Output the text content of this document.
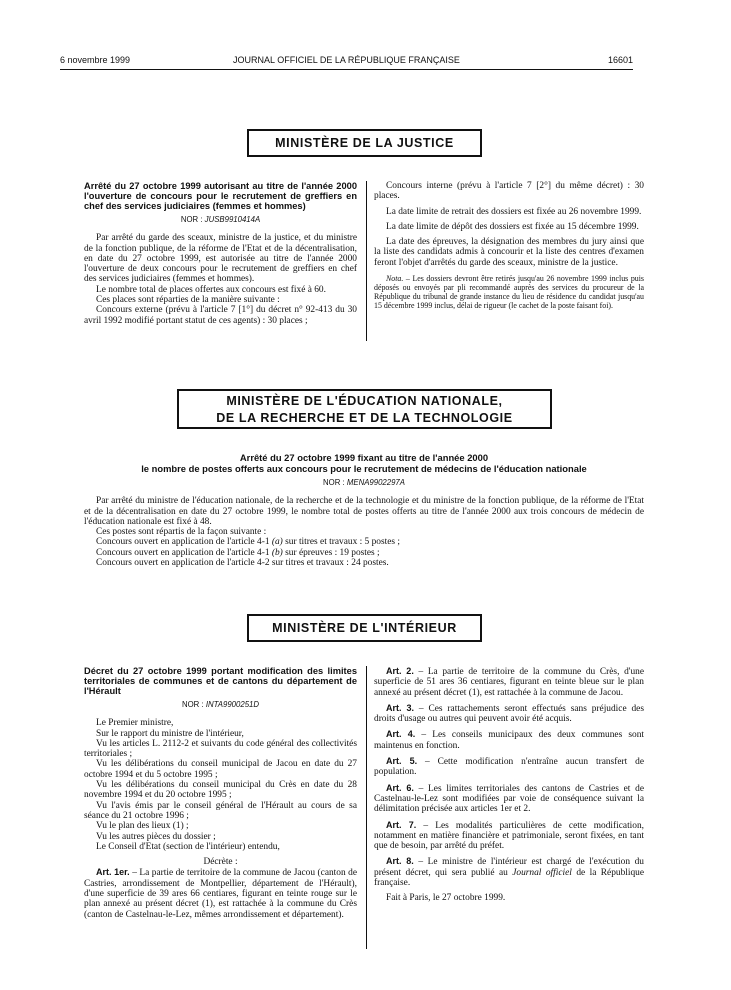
6 novembre 1999	JOURNAL OFFICIEL DE LA RÉPUBLIQUE FRANÇAISE	16601
MINISTÈRE DE LA JUSTICE
Arrêté du 27 octobre 1999 autorisant au titre de l'année 2000 l'ouverture de concours pour le recrutement de greffiers en chef des services judiciaires (femmes et hommes)
NOR : JUSB9910414A

Par arrêté du garde des sceaux, ministre de la justice, et du ministre de la fonction publique, de la réforme de l'Etat et de la décentralisation, en date du 27 octobre 1999, est autorisée au titre de l'année 2000 l'ouverture de deux concours pour le recrutement de greffiers en chef des services judiciaires (femmes et hommes).

Le nombre total de places offertes aux concours est fixé à 60.

Ces places sont réparties de la manière suivante :

Concours externe (prévu à l'article 7 [1°] du décret n° 92-413 du 30 avril 1992 modifié portant statut de ces agents) : 30 places ;

Concours interne (prévu à l'article 7 [2°] du même décret) : 30 places.

La date limite de retrait des dossiers est fixée au 26 novembre 1999.

La date limite de dépôt des dossiers est fixée au 15 décembre 1999.

La date des épreuves, la désignation des membres du jury ainsi que la liste des candidats admis à concourir et la liste des centres d'examen feront l'objet d'arrêtés du garde des sceaux, ministre de la justice.

Nota. – Les dossiers devront être retirés jusqu'au 26 novembre 1999 inclus puis déposés ou envoyés par pli recommandé auprès des services du procureur de la République du tribunal de grande instance du lieu de résidence du candidat jusqu'au 15 décembre 1999 inclus, délai de rigueur (le cachet de la poste faisant foi).

MINISTÈRE DE L'ÉDUCATION NATIONALE,
DE LA RECHERCHE ET DE LA TECHNOLOGIE
Arrêté du 27 octobre 1999 fixant au titre de l'année 2000
le nombre de postes offerts aux concours pour le recrutement de médecins de l'éducation nationale
NOR : MENA9902297A

Par arrêté du ministre de l'éducation nationale, de la recherche et de la technologie et du ministre de la fonction publique, de la réforme de l'Etat et de la décentralisation en date du 27 octobre 1999, le nombre total de postes offerts au titre de l'année 2000 aux trois concours de médecin de l'éducation nationale est fixé à 48.

Ces postes sont répartis de la façon suivante :

Concours ouvert en application de l'article 4-1 (a) sur titres et travaux : 5 postes ;

Concours ouvert en application de l'article 4-1 (b) sur épreuves : 19 postes ;

Concours ouvert en application de l'article 4-2 sur titres et travaux : 24 postes.

MINISTÈRE DE L'INTÉRIEUR
Décret du 27 octobre 1999 portant modification des limites territoriales de communes et de cantons du département de l'Hérault
NOR : INTA9900251D

Le Premier ministre,

Sur le rapport du ministre de l'intérieur,

Vu les articles L. 2112-2 et suivants du code général des collectivités territoriales ;

Vu les délibérations du conseil municipal de Jacou en date du 27 octobre 1994 et du 5 octobre 1995 ;

Vu les délibérations du conseil municipal du Crès en date du 28 novembre 1994 et du 20 octobre 1995 ;

Vu l'avis émis par le conseil général de l'Hérault au cours de sa séance du 21 octobre 1996 ;

Vu le plan des lieux (1) ;

Vu les autres pièces du dossier ;

Le Conseil d'Etat (section de l'intérieur) entendu,

Décrète :

Art. 1er. – La partie de territoire de la commune de Jacou (canton de Castries, arrondissement de Montpellier, département de l'Hérault), d'une superficie de 39 ares 66 centiares, figurant en teinte rouge sur le plan annexé au présent décret (1), est rattachée à la commune du Crès (canton de Castelnau-le-Lez, mêmes arrondissement et département).

Art. 2. – La partie de territoire de la commune du Crès, d'une superficie de 51 ares 36 centiares, figurant en teinte bleue sur le plan annexé au présent décret (1), est rattachée à la commune de Jacou.

Art. 3. – Ces rattachements seront effectués sans préjudice des droits d'usage ou autres qui peuvent avoir été acquis.

Art. 4. – Les conseils municipaux des deux communes sont maintenus en fonction.

Art. 5. – Cette modification n'entraîne aucun transfert de population.

Art. 6. – Les limites territoriales des cantons de Castries et de Castelnau-le-Lez sont modifiées par voie de conséquence suivant la délimitation précisée aux articles 1er et 2.

Art. 7. – Les modalités particulières de cette modification, notamment en matière financière et patrimoniale, seront fixées, en tant que de besoin, par arrêté du préfet.

Art. 8. – Le ministre de l'intérieur est chargé de l'exécution du présent décret, qui sera publié au Journal officiel de la République française.

Fait à Paris, le 27 octobre 1999.
